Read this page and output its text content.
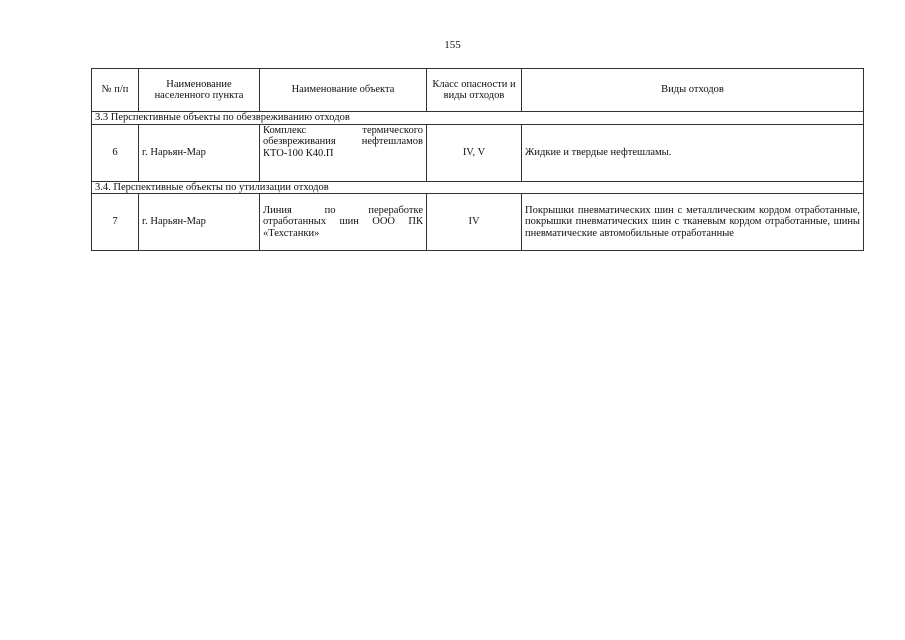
155
№ п/п	Наименование населенного пункта	Наименование объекта	Класс опасности и виды отходов	Виды отходов
3.3 Перспективные объекты по обезвреживанию отходов				
6	г. Нарьян-Мар	Комплекс термического обезвреживания нефтешламов КТО-100 К40.П	IV, V	Жидкие и твердые нефтешламы.
3.4. Перспективные объекты по утилизации отходов				
7	г. Нарьян-Мар	Линия по переработке отработанных шин ООО ПК «Техстанки»	IV	Покрышки пневматических шин с металлическим кордом отработанные, покрышки пневматических шин с тканевым кордом отработанные, шины пневматические автомобильные отработанные
